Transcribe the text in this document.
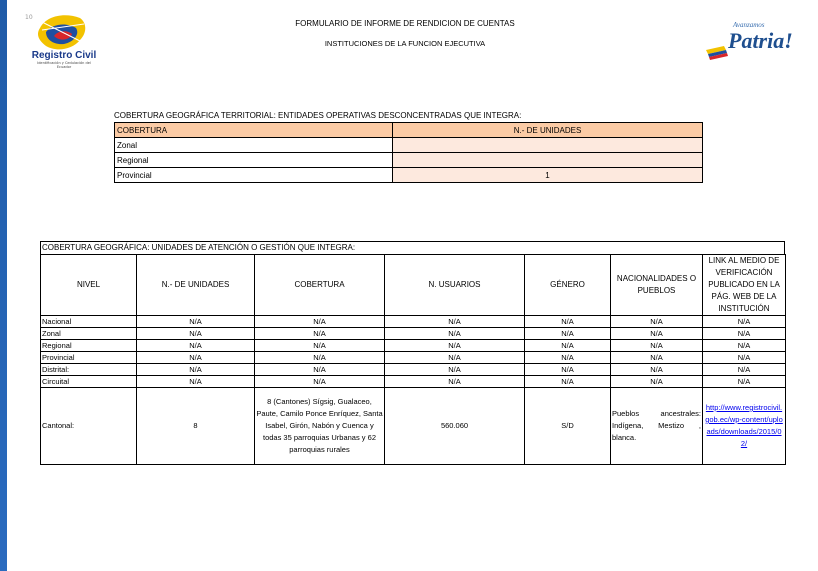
10
Registro Civil
Identificación y Cedulación del Ecuador
FORMULARIO DE INFORME DE RENDICION DE CUENTAS
INSTITUCIONES DE LA FUNCION EJECUTIVA
Avanzamos
Patria!
COBERTURA GEOGRÁFICA TERRITORIAL: ENTIDADES OPERATIVAS DESCONCENTRADAS QUE INTEGRA:
COBERTURA	N.- DE UNIDADES
Zonal	
Regional	
Provincial	1
COBERTURA GEOGRÁFICA: UNIDADES DE ATENCIÓN O GESTIÓN QUE INTEGRA:
NIVEL	N.- DE UNIDADES	COBERTURA	N. USUARIOS	GÉNERO	NACIONALIDADES O PUEBLOS	LINK AL MEDIO DE VERIFICACIÓN PUBLICADO EN LA PÁG. WEB DE LA INSTITUCIÓN
Nacional	N/A	N/A	N/A	N/A	N/A	N/A
Zonal	N/A	N/A	N/A	N/A	N/A	N/A
Regional	N/A	N/A	N/A	N/A	N/A	N/A
Provincial	N/A	N/A	N/A	N/A	N/A	N/A
Distrital:	N/A	N/A	N/A	N/A	N/A	N/A
Circuital	N/A	N/A	N/A	N/A	N/A	N/A
Cantonal:	8	8 (Cantones) Sígsig, Gualaceo, Paute, Camilo Ponce Enríquez, Santa Isabel, Girón, Nabón y Cuenca y todas 35 parroquias Urbanas y 62 parroquias rurales	560.060	S/D	Pueblos ancestrales: Indígena, Mestizo , blanca.	http://www.registrocivil.gob.ec/wp-content/uploads/downloads/2015/02/
